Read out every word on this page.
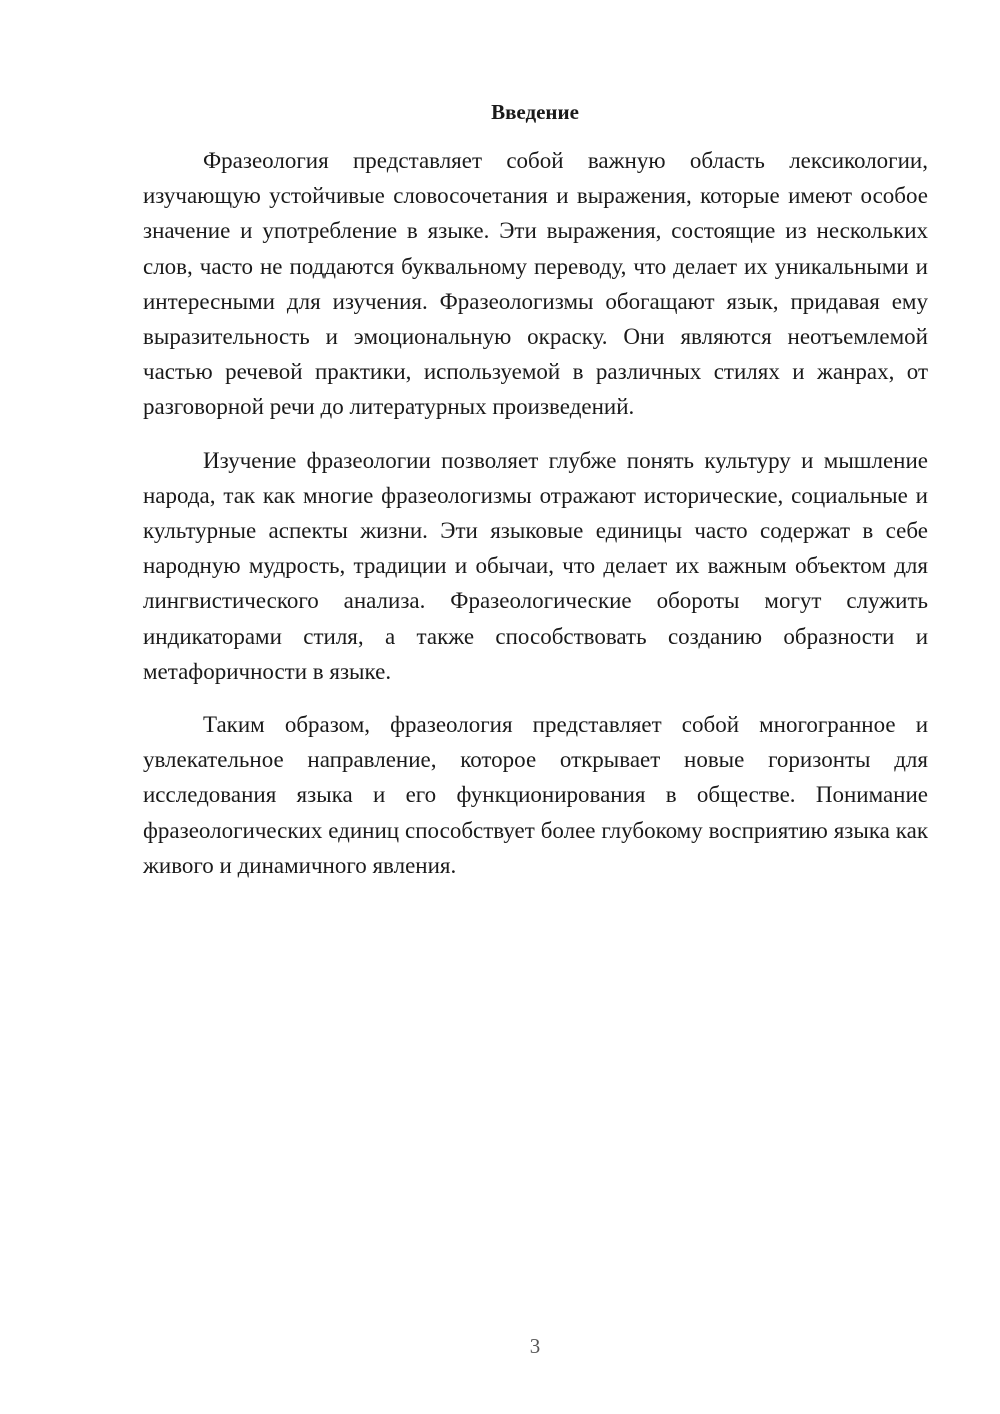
Введение

Фразеология представляет собой важную область лексикологии, изучающую устойчивые словосочетания и выражения, которые имеют особое значение и употребление в языке. Эти выражения, состоящие из нескольких слов, часто не поддаются буквальному переводу, что делает их уникальными и интересными для изучения. Фразеологизмы обогащают язык, придавая ему выразительность и эмоциональную окраску. Они являются неотъемлемой частью речевой практики, используемой в различных стилях и жанрах, от разговорной речи до литературных произведений.

Изучение фразеологии позволяет глубже понять культуру и мышление народа, так как многие фразеологизмы отражают исторические, социальные и культурные аспекты жизни. Эти языковые единицы часто содержат в себе народную мудрость, традиции и обычаи, что делает их важным объектом для лингвистического анализа. Фразеологические обороты могут служить индикаторами стиля, а также способствовать созданию образности и метафоричности в языке.

Таким образом, фразеология представляет собой многогранное и увлекательное направление, которое открывает новые горизонты для исследования языка и его функционирования в обществе. Понимание фразеологических единиц способствует более глубокому восприятию языка как живого и динамичного явления.

3
